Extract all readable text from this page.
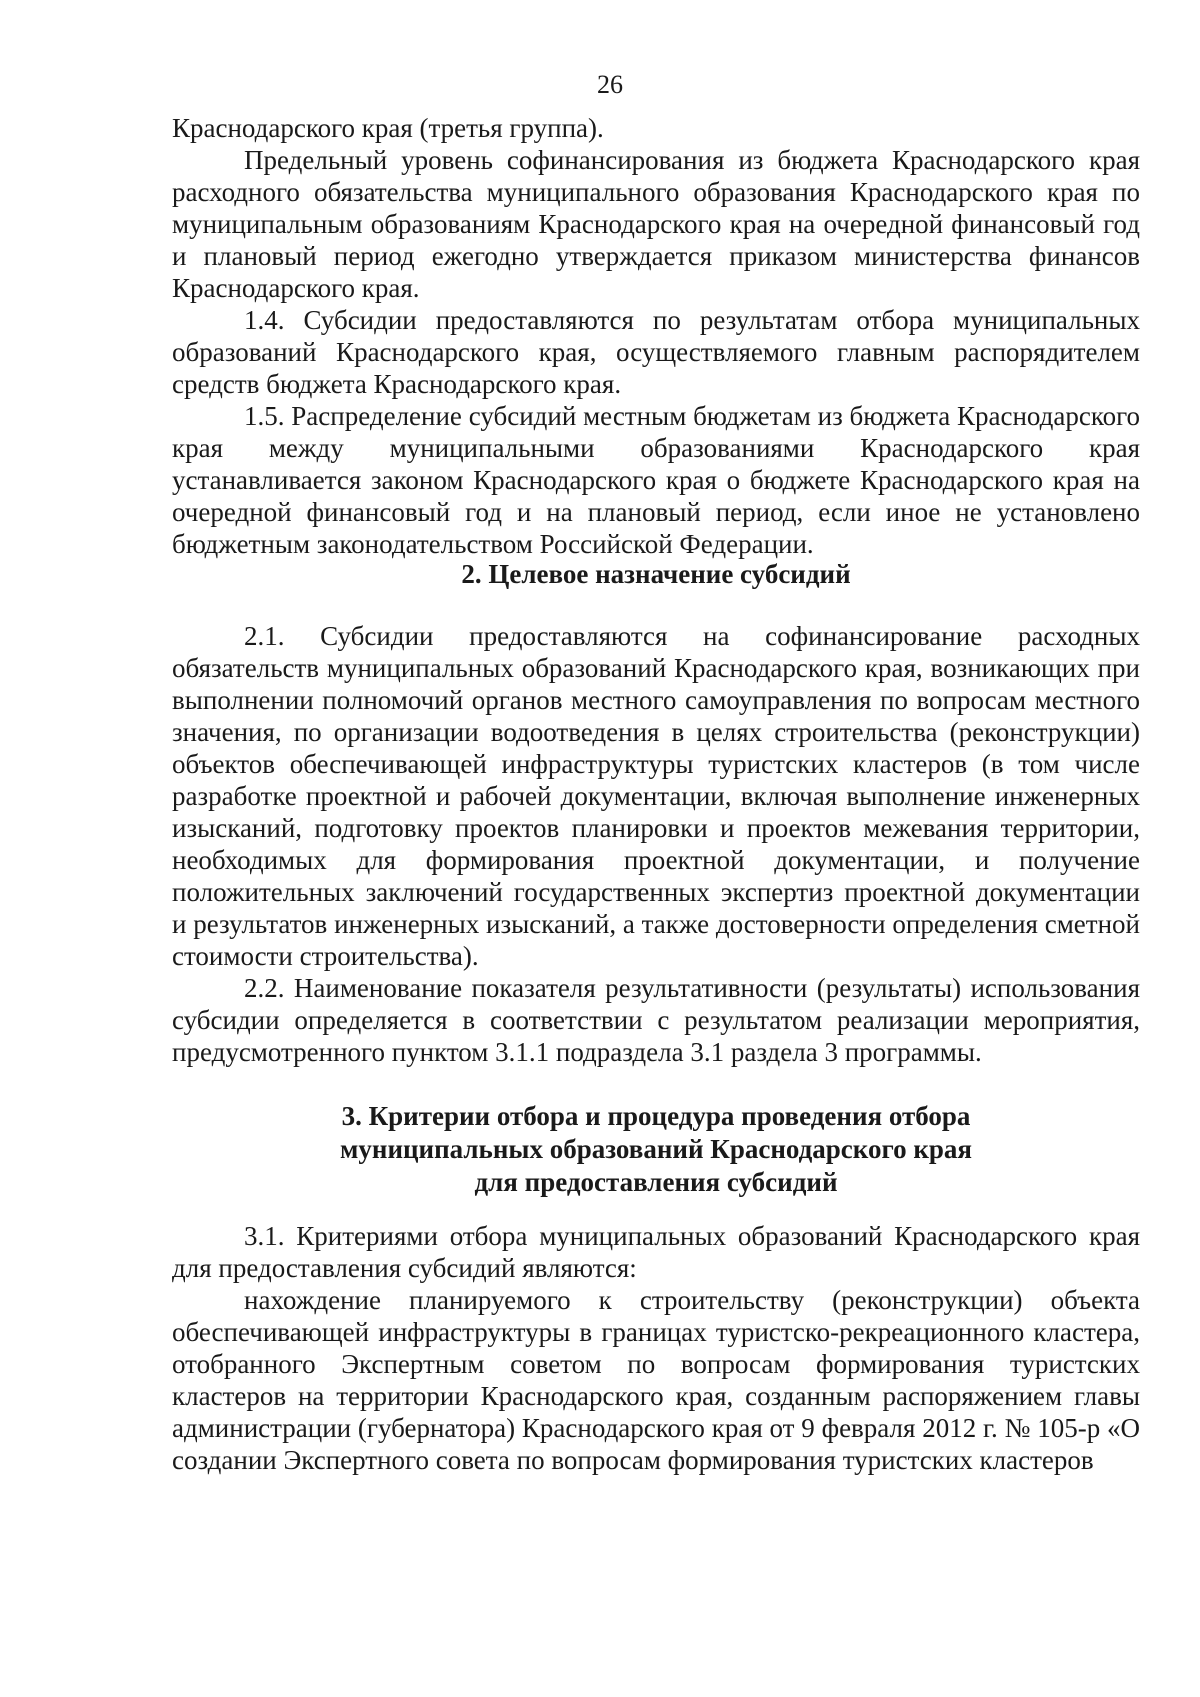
26

Краснодарского края (третья группа).

Предельный уровень софинансирования из бюджета Краснодарского края расходного обязательства муниципального образования Краснодарского края по муниципальным образованиям Краснодарского края на очередной финансовый год и плановый период ежегодно утверждается приказом министерства финансов Краснодарского края.

1.4. Субсидии предоставляются по результатам отбора муниципальных образований Краснодарского края, осуществляемого главным распорядителем средств бюджета Краснодарского края.

1.5. Распределение субсидий местным бюджетам из бюджета Краснодарского края между муниципальными образованиями Краснодарского края устанавливается законом Краснодарского края о бюджете Краснодарского края на очередной финансовый год и на плановый период, если иное не установлено бюджетным законодательством Российской Федерации.

2. Целевое назначение субсидий

2.1. Субсидии предоставляются на софинансирование расходных обязательств муниципальных образований Краснодарского края, возникающих при выполнении полномочий органов местного самоуправления по вопросам местного значения, по организации водоотведения в целях строительства (реконструкции) объектов обеспечивающей инфраструктуры туристских кластеров (в том числе разработке проектной и рабочей документации, включая выполнение инженерных изысканий, подготовку проектов планировки и проектов межевания территории, необходимых для формирования проектной документации, и получение положительных заключений государственных экспертиз проектной документации и результатов инженерных изысканий, а также достоверности определения сметной стоимости строительства).

2.2. Наименование показателя результативности (результаты) использования субсидии определяется в соответствии с результатом реализации мероприятия, предусмотренного пунктом 3.1.1 подраздела 3.1 раздела 3 программы.

3. Критерии отбора и процедура проведения отбора
муниципальных образований Краснодарского края
для предоставления субсидий

3.1. Критериями отбора муниципальных образований Краснодарского края для предоставления субсидий являются:

нахождение планируемого к строительству (реконструкции) объекта обеспечивающей инфраструктуры в границах туристско-рекреационного кластера, отобранного Экспертным советом по вопросам формирования туристских кластеров на территории Краснодарского края, созданным распоряжением главы администрации (губернатора) Краснодарского края от 9 февраля 2012 г. № 105-р «О создании Экспертного совета по вопросам формирования туристских кластеров
